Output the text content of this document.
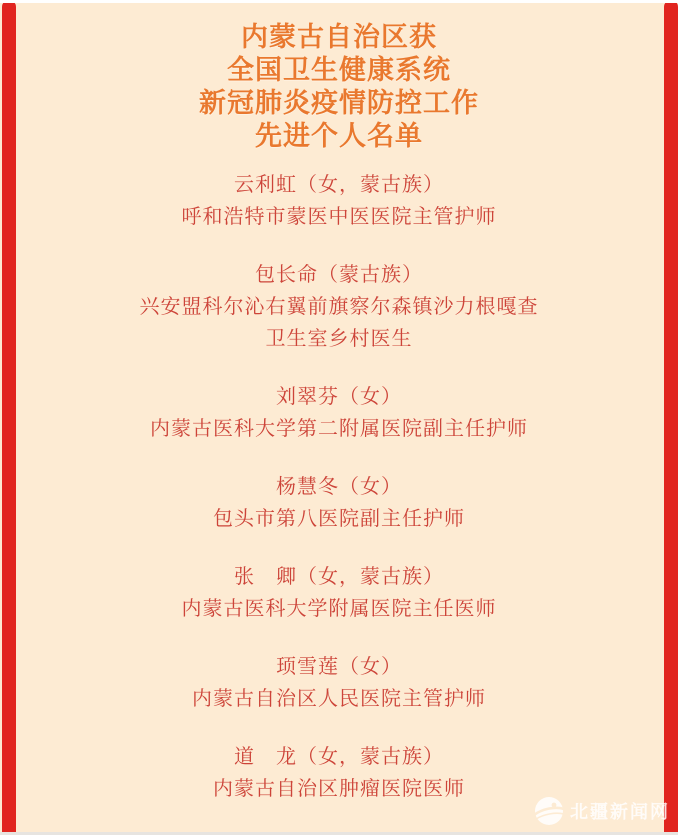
内蒙古自治区获
全国卫生健康系统
新冠肺炎疫情防控工作
先进个人名单
云利虹（女，蒙古族）
呼和浩特市蒙医中医医院主管护师
包长命（蒙古族）
兴安盟科尔沁右翼前旗察尔森镇沙力根嘎查
卫生室乡村医生
刘翠芬（女）
内蒙古医科大学第二附属医院副主任护师
杨慧冬（女）
包头市第八医院副主任护师
张　卿（女，蒙古族）
内蒙古医科大学附属医院主任医师
顼雪莲（女）
内蒙古自治区人民医院主管护师
道　龙（女，蒙古族）
内蒙古自治区肿瘤医院医师
北疆新闻网
